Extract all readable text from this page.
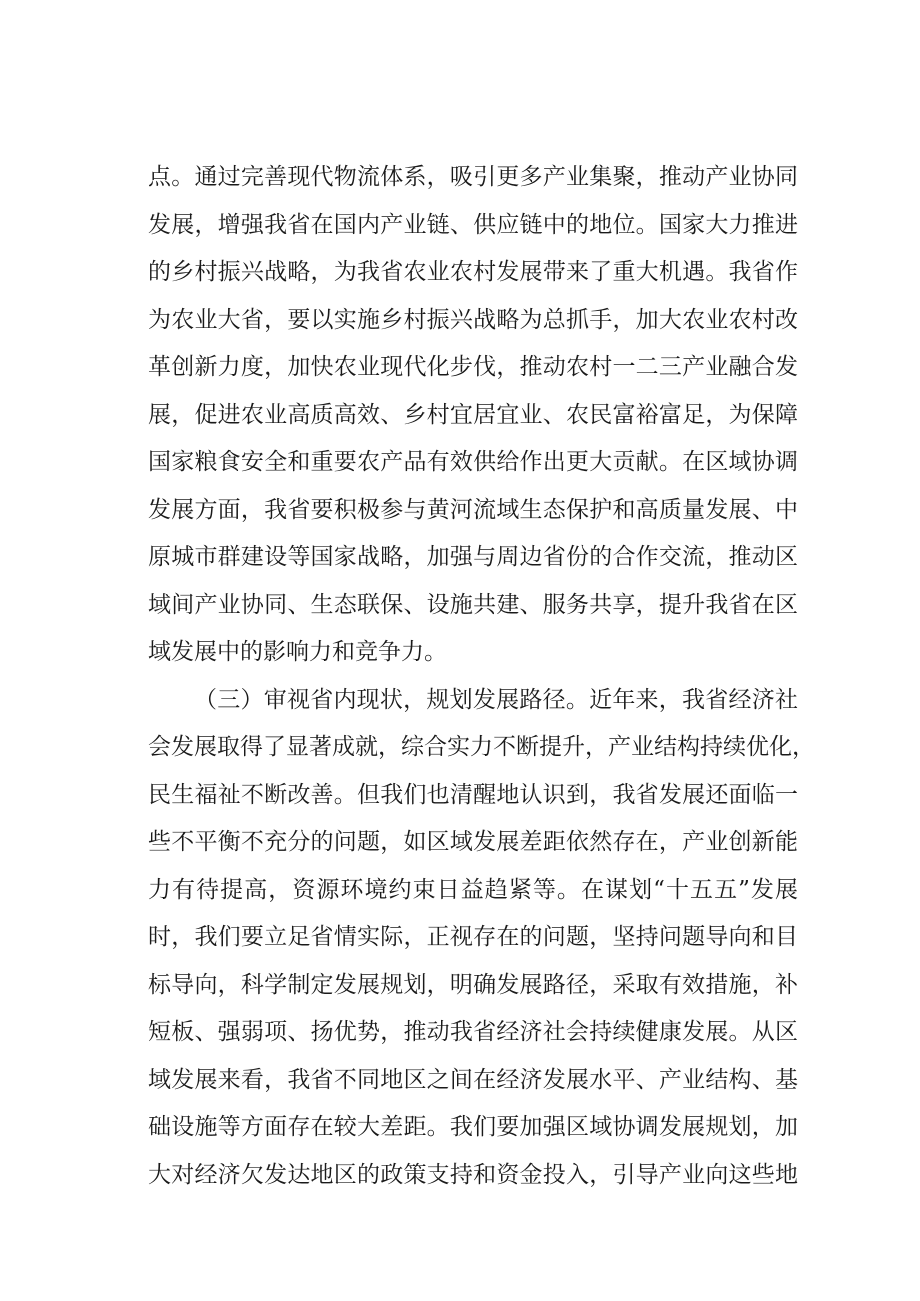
点。通过完善现代物流体系，吸引更多产业集聚，推动产业协同
发展，增强我省在国内产业链、供应链中的地位。国家大力推进
的乡村振兴战略，为我省农业农村发展带来了重大机遇。我省作
为农业大省，要以实施乡村振兴战略为总抓手，加大农业农村改
革创新力度，加快农业现代化步伐，推动农村一二三产业融合发
展，促进农业高质高效、乡村宜居宜业、农民富裕富足，为保障
国家粮食安全和重要农产品有效供给作出更大贡献。在区域协调
发展方面，我省要积极参与黄河流域生态保护和高质量发展、中
原城市群建设等国家战略，加强与周边省份的合作交流，推动区
域间产业协同、生态联保、设施共建、服务共享，提升我省在区
域发展中的影响力和竞争力。
（三）审视省内现状，规划发展路径。近年来，我省经济社
会发展取得了显著成就，综合实力不断提升，产业结构持续优化，
民生福祉不断改善。但我们也清醒地认识到，我省发展还面临一
些不平衡不充分的问题，如区域发展差距依然存在，产业创新能
力有待提高，资源环境约束日益趋紧等。在谋划“十五五”发展
时，我们要立足省情实际，正视存在的问题，坚持问题导向和目
标导向，科学制定发展规划，明确发展路径，采取有效措施，补
短板、强弱项、扬优势，推动我省经济社会持续健康发展。从区
域发展来看，我省不同地区之间在经济发展水平、产业结构、基
础设施等方面存在较大差距。我们要加强区域协调发展规划，加
大对经济欠发达地区的政策支持和资金投入，引导产业向这些地
